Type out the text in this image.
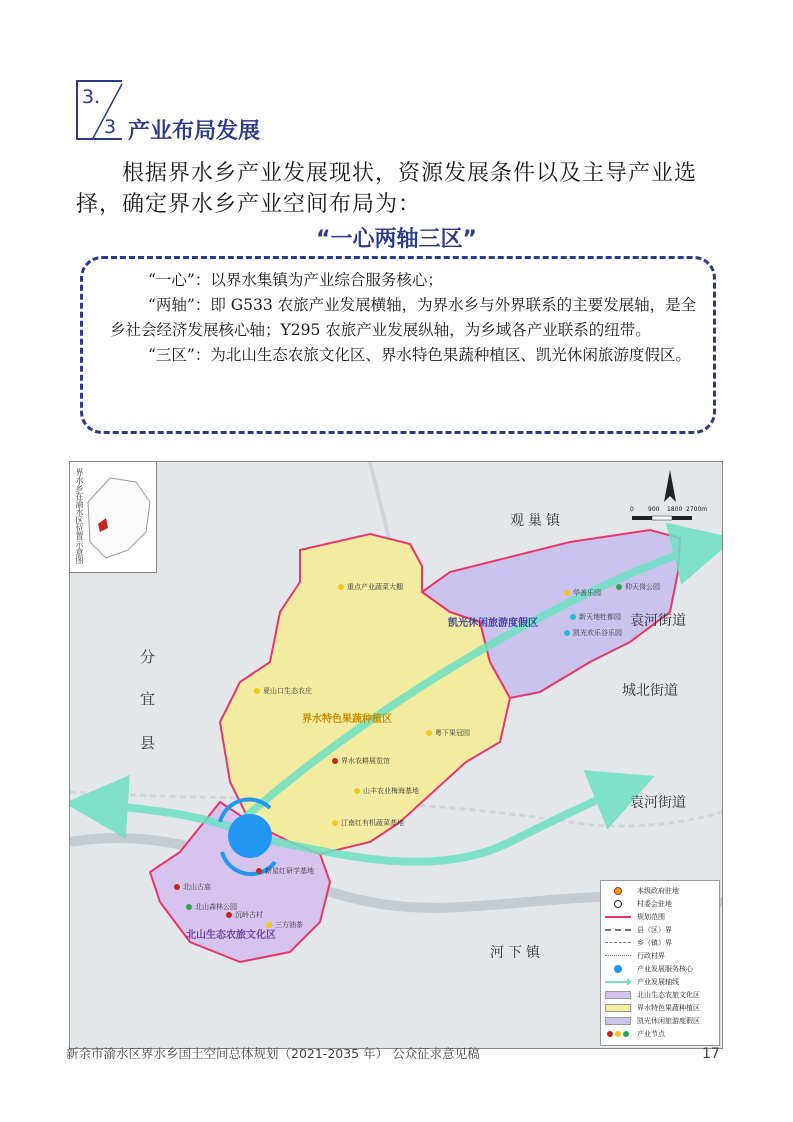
3.
3 产业布局发展
根据界水乡产业发展现状，资源发展条件以及主导产业选择，确定界水乡产业空间布局为：
“一心两轴三区”

“一心”：以界水集镇为产业综合服务核心；

“两轴”：即 G533 农旅产业发展横轴，为界水乡与外界联系的主要发展轴，是全乡社会经济发展核心轴；Y295 农旅产业发展纵轴，为乡域各产业联系的纽带。

“三区”：为北山生态农旅文化区、界水特色果蔬种植区、凯光休闲旅游度假区。

界水乡在渝水区位置示意图	观巢镇
分
宜
县
袁河街道
城北街道
袁河街道
河下镇
凯光休闲旅游度假区
界水特色果蔬种植区
北山生态农旅文化区
重点产业蔬菜大棚
华善乐园
仰天岗公园
新天地牡都园
凯光欢乐谷乐园
夏山口生态农庄
粤下果冠园
界水农耕展览馆
山丰农业梅海基地
江南红有机蔬菜基地
北山古庙
北山森林公园
新星红研学基地
沉岭古村
三方油茶
0 900 1800 2700m
本级政府驻地
村委会驻地
规划范围
县（区）界
乡（镇）界
行政村界
产业发展服务核心
产业发展轴线
北山生态农旅文化区
界水特色果蔬种植区
凯光休闲旅游度假区
产业节点
新余市渝水区界水乡国土空间总体规划（2021-2035 年） 公众征求意见稿	17
